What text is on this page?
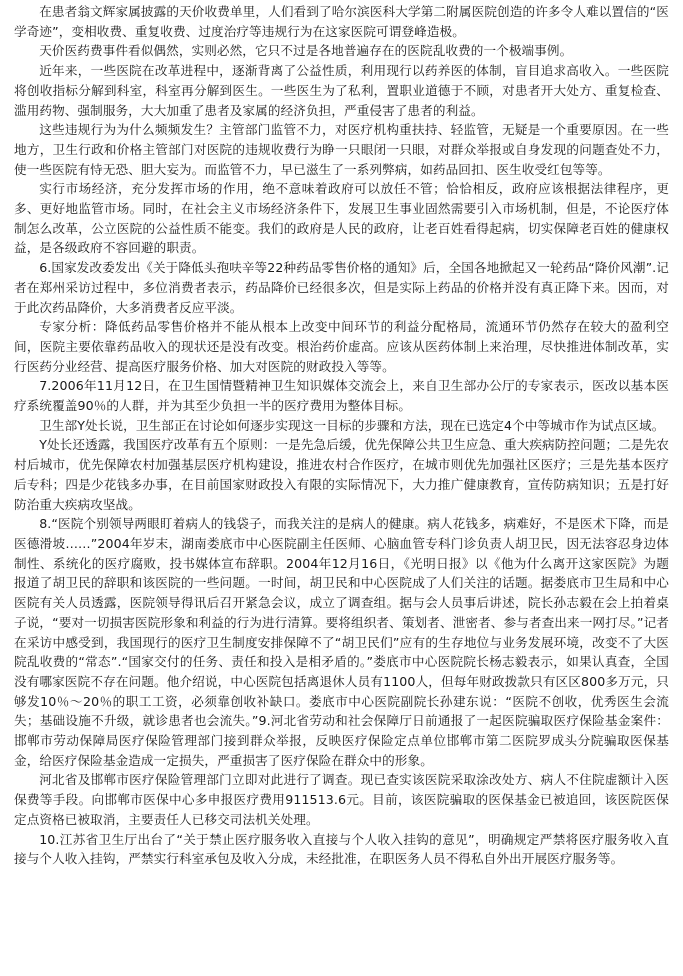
在患者翁文辉家属披露的天价收费单里，人们看到了哈尔滨医科大学第二附属医院创造的许多令人难以置信的“医学奇迹”，变相收费、重复收费、过度治疗等违规行为在这家医院可谓登峰造极。

天价医药费事件看似偶然，实则必然，它只不过是各地普遍存在的医院乱收费的一个极端事例。

近年来，一些医院在改革进程中，逐渐背离了公益性质，利用现行以药养医的体制，盲目追求高收入。一些医院将创收指标分解到科室，科室再分解到医生。一些医生为了私利，置职业道德于不顾，对患者开大处方、重复检查、滥用药物、强制服务，大大加重了患者及家属的经济负担，严重侵害了患者的利益。

这些违规行为为什么频频发生？主管部门监管不力，对医疗机构重扶持、轻监管，无疑是一个重要原因。在一些地方，卫生行政和价格主管部门对医院的违规收费行为睁一只眼闭一只眼，对群众举报或自身发现的问题查处不力，使一些医院有恃无恐、胆大妄为。而监管不力，早已滋生了一系列弊病，如药品回扣、医生收受红包等等。

实行市场经济，充分发挥市场的作用，绝不意味着政府可以放任不管；恰恰相反，政府应该根据法律程序，更多、更好地监管市场。同时，在社会主义市场经济条件下，发展卫生事业固然需要引入市场机制，但是，不论医疗体制怎么改革，公立医院的公益性质不能变。我们的政府是人民的政府，让老百姓看得起病，切实保障老百姓的健康权益，是各级政府不容回避的职责。

6.国家发改委发出《关于降低头孢呋辛等22种药品零售价格的通知》后，全国各地掀起又一轮药品“降价风潮”.记者在郑州采访过程中，多位消费者表示，药品降价已经很多次，但是实际上药品的价格并没有真正降下来。因而，对于此次药品降价，大多消费者反应平淡。

专家分析：降低药品零售价格并不能从根本上改变中间环节的利益分配格局，流通环节仍然存在较大的盈利空间，医院主要依靠药品收入的现状还是没有改变。根治药价虚高。应该从医药体制上来治理，尽快推进体制改革，实行医药分业经营、提高医疗服务价格、加大对医院的财政投入等等。

7.2006年11月12日，在卫生国情暨精神卫生知识媒体交流会上，来自卫生部办公厅的专家表示，医改以基本医疗系统覆盖90％的人群，并为其至少负担一半的医疗费用为整体目标。

卫生部Y处长说，卫生部正在讨论如何逐步实现这一目标的步骤和方法，现在已选定4个中等城市作为试点区域。

Y处长还透露，我国医疗改革有五个原则：一是先急后缓，优先保障公共卫生应急、重大疾病防控问题；二是先农村后城市，优先保障农村加强基层医疗机构建设，推进农村合作医疗，在城市则优先加强社区医疗；三是先基本医疗后专科；四是少花钱多办事，在目前国家财政投入有限的实际情况下，大力推广健康教育，宣传防病知识；五是打好防治重大疾病攻坚战。

8.“医院个别领导两眼盯着病人的钱袋子，而我关注的是病人的健康。病人花钱多，病难好，不是医术下降，而是医德滑坡……”2004年岁末，湖南娄底市中心医院副主任医师、心脑血管专科门诊负责人胡卫民，因无法容忍身边体制性、系统化的医疗腐败，投书媒体宣布辞职。2004年12月16日，《光明日报》以《他为什么离开这家医院》为题报道了胡卫民的辞职和该医院的一些问题。一时间，胡卫民和中心医院成了人们关注的话题。据娄底市卫生局和中心医院有关人员透露，医院领导得讯后召开紧急会议，成立了调查组。据与会人员事后讲述，院长孙志毅在会上拍着桌子说，“要对一切损害医院形象和利益的行为进行清算。要将组织者、策划者、泄密者、参与者查出来一网打尽。”记者在采访中感受到，我国现行的医疗卫生制度安排保障不了“胡卫民们”应有的生存地位与业务发展环境，改变不了大医院乱收费的“常态”.“国家交付的任务、责任和投入是相矛盾的。”娄底市中心医院院长杨志毅表示，如果认真查，全国没有哪家医院不存在问题。他介绍说，中心医院包括离退休人员有1100人，但每年财政拨款只有区区800多万元，只够发10％～20％的职工工资，必须靠创收补缺口。娄底市中心医院副院长孙建东说：“医院不创收，优秀医生会流失；基础设施不升级，就诊患者也会流失。”9.河北省劳动和社会保障厅日前通报了一起医院骗取医疗保险基金案件：邯郸市劳动保障局医疗保险管理部门接到群众举报，反映医疗保险定点单位邯郸市第二医院罗成头分院骗取医保基金，给医疗保险基金造成一定损失，严重损害了医疗保险在群众中的形象。

河北省及邯郸市医疗保险管理部门立即对此进行了调查。现已查实该医院采取涂改处方、病人不住院虚额计入医保费等手段。向邯郸市医保中心多申报医疗费用911513.6元。目前，该医院骗取的医保基金已被追回，该医院医保定点资格已被取消，主要责任人已移交司法机关处理。

10.江苏省卫生厅出台了“关于禁止医疗服务收入直接与个人收入挂钩的意见”，明确规定严禁将医疗服务收入直接与个人收入挂钩，严禁实行科室承包及收入分成，未经批准，在职医务人员不得私自外出开展医疗服务等。
